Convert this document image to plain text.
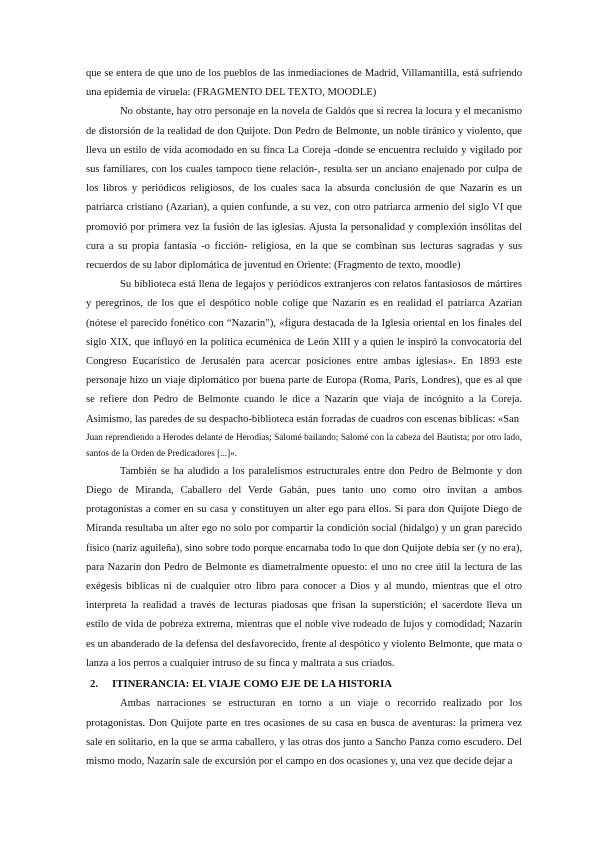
que se entera de que uno de los pueblos de las inmediaciones de Madrid, Villamantilla, está sufriendo una epidemia de viruela: (FRAGMENTO DEL TEXTO, MOODLE)

No obstante, hay otro personaje en la novela de Galdós que sí recrea la locura y el mecanismo de distorsión de la realidad de don Quijote. Don Pedro de Belmonte, un noble tiránico y violento, que lleva un estilo de vida acomodado en su finca La Coreja -donde se encuentra recluido y vigilado por sus familiares, con los cuales tampoco tiene relación-, resulta ser un anciano enajenado por culpa de los libros y periódicos religiosos, de los cuales saca la absurda conclusión de que Nazarín es un patriarca cristiano (Azarian), a quien confunde, a su vez, con otro patriarca armenio del siglo VI que promovió por primera vez la fusión de las iglesias. Ajusta la personalidad y complexión insólitas del cura a su propia fantasía -o ficción- religiosa, en la que se combinan sus lecturas sagradas y sus recuerdos de su labor diplomática de juventud en Oriente: (Fragmento de texto, moodle)

Su biblioteca está llena de legajos y periódicos extranjeros con relatos fantasiosos de mártires y peregrinos, de los que el despótico noble colige que Nazarín es en realidad el patriarca Azarian (nótese el parecido fonético con “Nazarín”), «figura destacada de la Iglesia oriental en los finales del siglo XIX, que influyó en la política ecuménica de León XIII y a quien le inspiró la convocatoria del Congreso Eucarístico de Jerusalén para acercar posiciones entre ambas iglesias». En 1893 este personaje hizo un viaje diplomático por buena parte de Europa (Roma, París, Londres), que es al que se refiere don Pedro de Belmonte cuando le dice a Nazarín que viaja de incógnito a la Coreja. Asimismo, las paredes de su despacho-biblioteca están forradas de cuadros con escenas bíblicas: «San

Juan reprendiendo a Herodes delante de Herodías; Salomé bailando; Salomé con la cabeza del Bautista; por otro lado, santos de la Orden de Predicadores [...]».

También se ha aludido a los paralelismos estructurales entre don Pedro de Belmonte y don Diego de Miranda, Caballero del Verde Gabán, pues tanto uno como otro invitan a ambos protagonistas a comer en su casa y constituyen un alter ego para ellos. Si para don Quijote Diego de Miranda resultaba un alter ego no solo por compartir la condición social (hidalgo) y un gran parecido físico (nariz aguileña), sino sobre todo porque encarnaba todo lo que don Quijote debía ser (y no era), para Nazarín don Pedro de Belmonte es diametralmente opuesto: el uno no cree útil la lectura de las exégesis bíblicas ni de cualquier otro libro para conocer a Dios y al mundo, mientras que el otro interpreta la realidad a través de lecturas piadosas que frisan la superstición; el sacerdote lleva un estilo de vida de pobreza extrema, mientras que el noble vive rodeado de lujos y comodidad; Nazarín es un abanderado de la defensa del desfavorecido, frente al despótico y violento Belmonte, que mata o lanza a los perros a cualquier intruso de su finca y maltrata a sus criados.

2.	ITINERANCIA: EL VIAJE COMO EJE DE LA HISTORIA

Ambas narraciones se estructuran en torno a un viaje o recorrido realizado por los protagonistas. Don Quijote parte en tres ocasiones de su casa en busca de aventuras: la primera vez sale en solitario, en la que se arma caballero, y las otras dos junto a Sancho Panza como escudero. Del mismo modo, Nazarín sale de excursión por el campo en dos ocasiones y, una vez que decide dejar a
